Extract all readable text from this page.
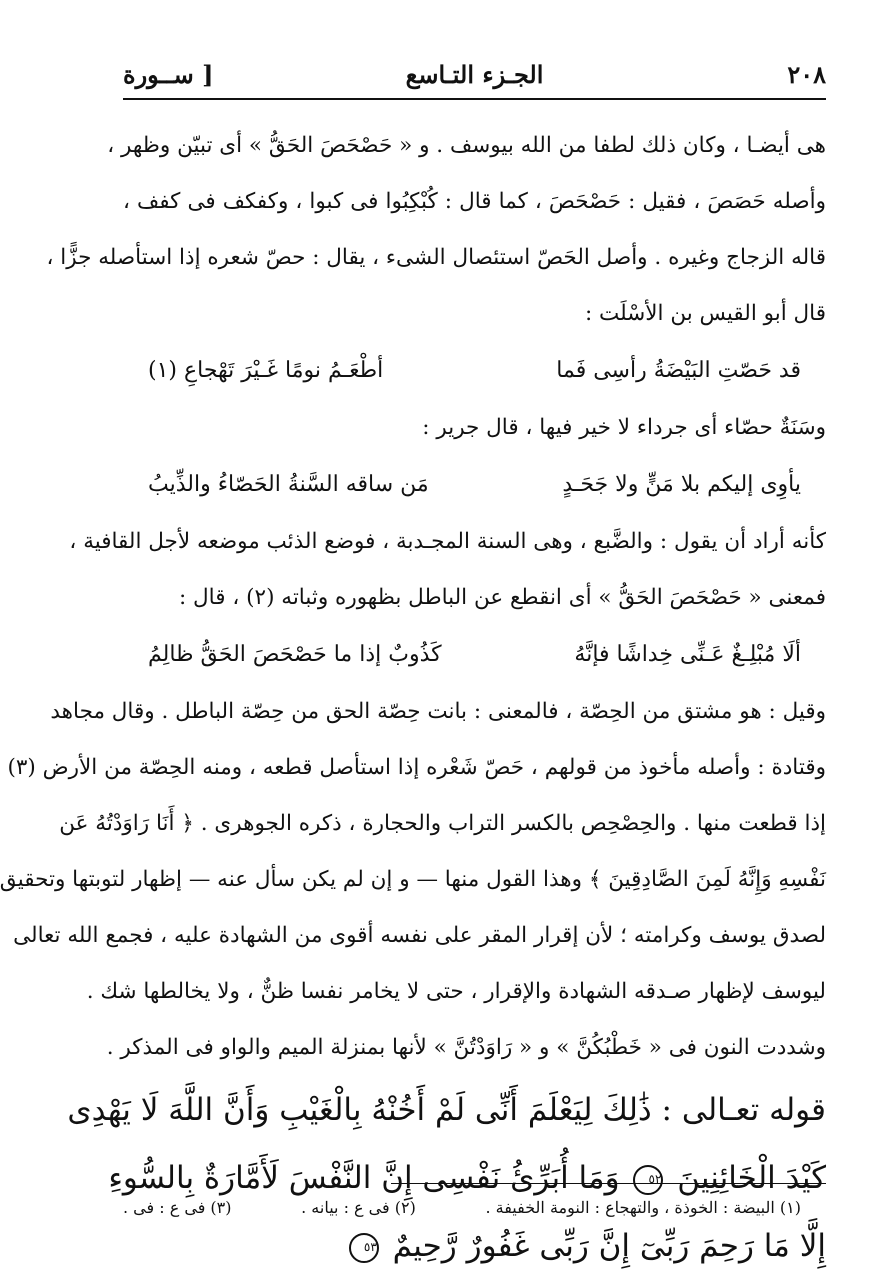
٢٠٨
الجـزء التـاسع
[ ســورة
هى أيضـا ، وكان ذلك لطفا من الله بيوسف . و « حَصْحَصَ الحَقُّ » أى تبيّن وظهر ،
وأصله حَصَصَ ، فقيل : حَصْحَصَ ، كما قال : كُبْكِبُوا فى كبوا ، وكفكف فى كفف ،
قاله الزجاج وغيره . وأصل الحَصّ استئصال الشىء ، يقال : حصّ شعره إذا استأصله جزًّا ،
قال أبو القيس بن الأسْلَت :
قد حَصّتِ البَيْضَةُ رأسِى فَما
أطْعَـمُ نومًا غَـيْرَ تَهْجاعِ (١)
وسَنَةٌ حصّاء أى جرداء لا خير فيها ، قال جرير :
يأوِى إليكم بلا مَنٍّ ولا جَحَـدٍ
مَن ساقه السَّنةُ الحَصّاءُ والذِّيبُ
كأنه أراد أن يقول : والضَّبع ، وهى السنة المجـدبة ، فوضع الذئب موضعه لأجل القافية ،
فمعنى « حَصْحَصَ الحَقُّ » أى انقطع عن الباطل بظهوره وثباته (٢) ، قال :
ألَا مُبْلِـغٌ عَـنِّى خِداشًا فإنَّهُ
كَذُوبٌ إذا ما حَصْحَصَ الحَقُّ ظالِمُ
وقيل : هو مشتق من الحِصّة ، فالمعنى : بانت حِصّة الحق من حِصّة الباطل . وقال مجاهد
وقتادة : وأصله مأخوذ من قولهم ، حَصّ شَعْره إذا استأصل قطعه ، ومنه الحِصّة من الأرض (٣)
إذا قطعت منها . والحِصْحِص بالكسر التراب والحجارة ، ذكره الجوهرى . ﴿ أَنَا رَاوَدْتُهُ عَن
نَفْسِهِ وَإِنَّهُ لَمِنَ الصَّادِقِينَ ﴾ وهذا القول منها — و إن لم يكن سأل عنه — إظهار لتوبتها وتحقيق
لصدق يوسف وكرامته ؛ لأن إقرار المقر على نفسه أقوى من الشهادة عليه ، فجمع الله تعالى
ليوسف لإظهار صـدقه الشهادة والإقرار ، حتى لا يخامر نفسا ظنٌّ ، ولا يخالطها شك .
وشددت النون فى « خَطْبُكُنَّ » و « رَاوَدْتُنَّ » لأنها بمنزلة الميم والواو فى المذكر .
قوله تعـالى : ذَٰلِكَ لِيَعْلَمَ أَنِّى لَمْ أَخُنْهُ بِالْغَيْبِ وَأَنَّ اللَّهَ لَا يَهْدِى
كَيْدَ الْخَائِنِينَ ٥٢ وَمَا أُبَرِّئُ نَفْسِى إِنَّ النَّفْسَ لَأَمَّارَةٌ بِالسُّوءِ
إِلَّا مَا رَحِمَ رَبِّىٓ إِنَّ رَبِّى غَفُورٌ رَّحِيمٌ ٥٣
(١) البيضة : الخوذة ، والتهجاع : النومة الخفيفة .
(٢) فى ع : بيانه .
(٣) فى ع : فى .
